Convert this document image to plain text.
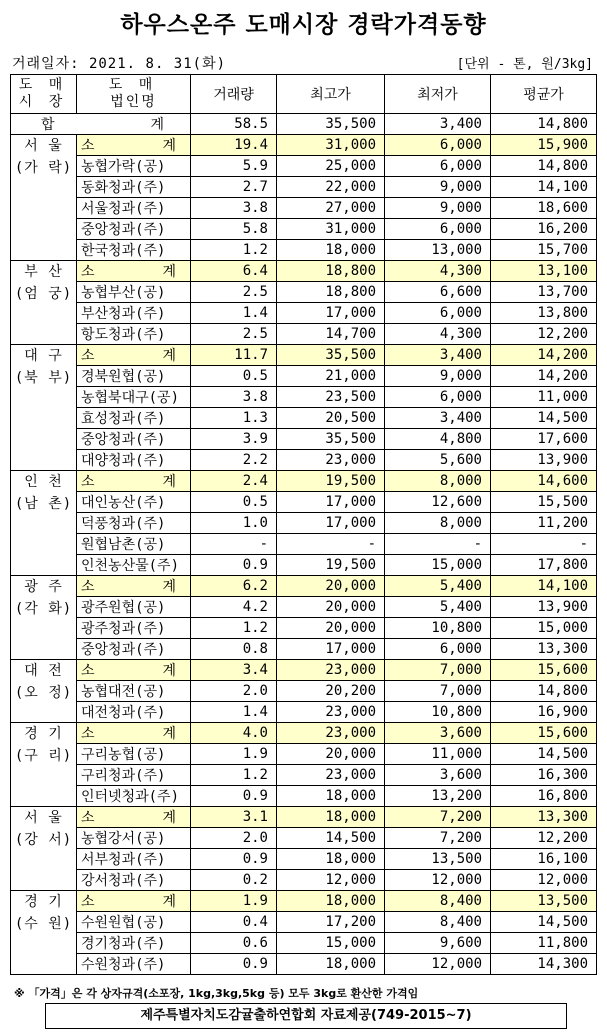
하우스온주 도매시장 경락가격동향
거래일자: 2021. 8. 31(화)	[단위 - 톤, 원/3kg]
도 매
시 장	도 매
법인명	거래량	최고가	최저가	평균가

합 계		58.5	35,500	3,400	14,800

서 울
(가 락)	소 계	19.4	31,000	6,000	15,900
	농협가락(공)	5.9	25,000	6,000	14,800
	동화청과(주)	2.7	22,000	9,000	14,100
	서울청과(주)	3.8	27,000	9,000	18,600
	중앙청과(주)	5.8	31,000	6,000	16,200
	한국청과(주)	1.2	18,000	13,000	15,700

부 산
(엄 궁)	소 계	6.4	18,800	4,300	13,100
	농협부산(공)	2.5	18,800	6,600	13,700
	부산청과(주)	1.4	17,000	6,000	13,800
	항도청과(주)	2.5	14,700	4,300	12,200

대 구
(북 부)	소 계	11.7	35,500	3,400	14,200
	경북원협(공)	0.5	21,000	9,000	14,200
	농협북대구(공)	3.8	23,500	6,000	11,000
	효성청과(주)	1.3	20,500	3,400	14,500
	중앙청과(주)	3.9	35,500	4,800	17,600
	대양청과(주)	2.2	23,000	5,600	13,900

인 천
(남 촌)	소 계	2.4	19,500	8,000	14,600
	대인농산(주)	0.5	17,000	12,600	15,500
	덕풍청과(주)	1.0	17,000	8,000	11,200
	원협남촌(공)	-	-	-	-
	인천농산물(주)	0.9	19,500	15,000	17,800

광 주
(각 화)	소 계	6.2	20,000	5,400	14,100
	광주원협(공)	4.2	20,000	5,400	13,900
	광주청과(주)	1.2	20,000	10,800	15,000
	중앙청과(주)	0.8	17,000	6,000	13,300

대 전
(오 정)	소 계	3.4	23,000	7,000	15,600
	농협대전(공)	2.0	20,200	7,000	14,800
	대전청과(주)	1.4	23,000	10,800	16,900

경 기
(구 리)	소 계	4.0	23,000	3,600	15,600
	구리농협(공)	1.9	20,000	11,000	14,500
	구리청과(주)	1.2	23,000	3,600	16,300
	인터넷청과(주)	0.9	18,000	13,200	16,800

서 울
(강 서)	소 계	3.1	18,000	7,200	13,300
	농협강서(공)	2.0	14,500	7,200	12,200
	서부청과(주)	0.9	18,000	13,500	16,100
	강서청과(주)	0.2	12,000	12,000	12,000

경 기
(수 원)	소 계	1.9	18,000	8,400	13,500
	수원원협(공)	0.4	17,200	8,400	14,500
	경기청과(주)	0.6	15,000	9,600	11,800
	수원청과(주)	0.9	18,000	12,000	14,300
※ 「가격」은 각 상자규격(소포장, 1kg,3kg,5kg 등) 모두 3kg로 환산한 가격임
제주특별자치도감귤출하연합회 자료제공(749-2015~7)
